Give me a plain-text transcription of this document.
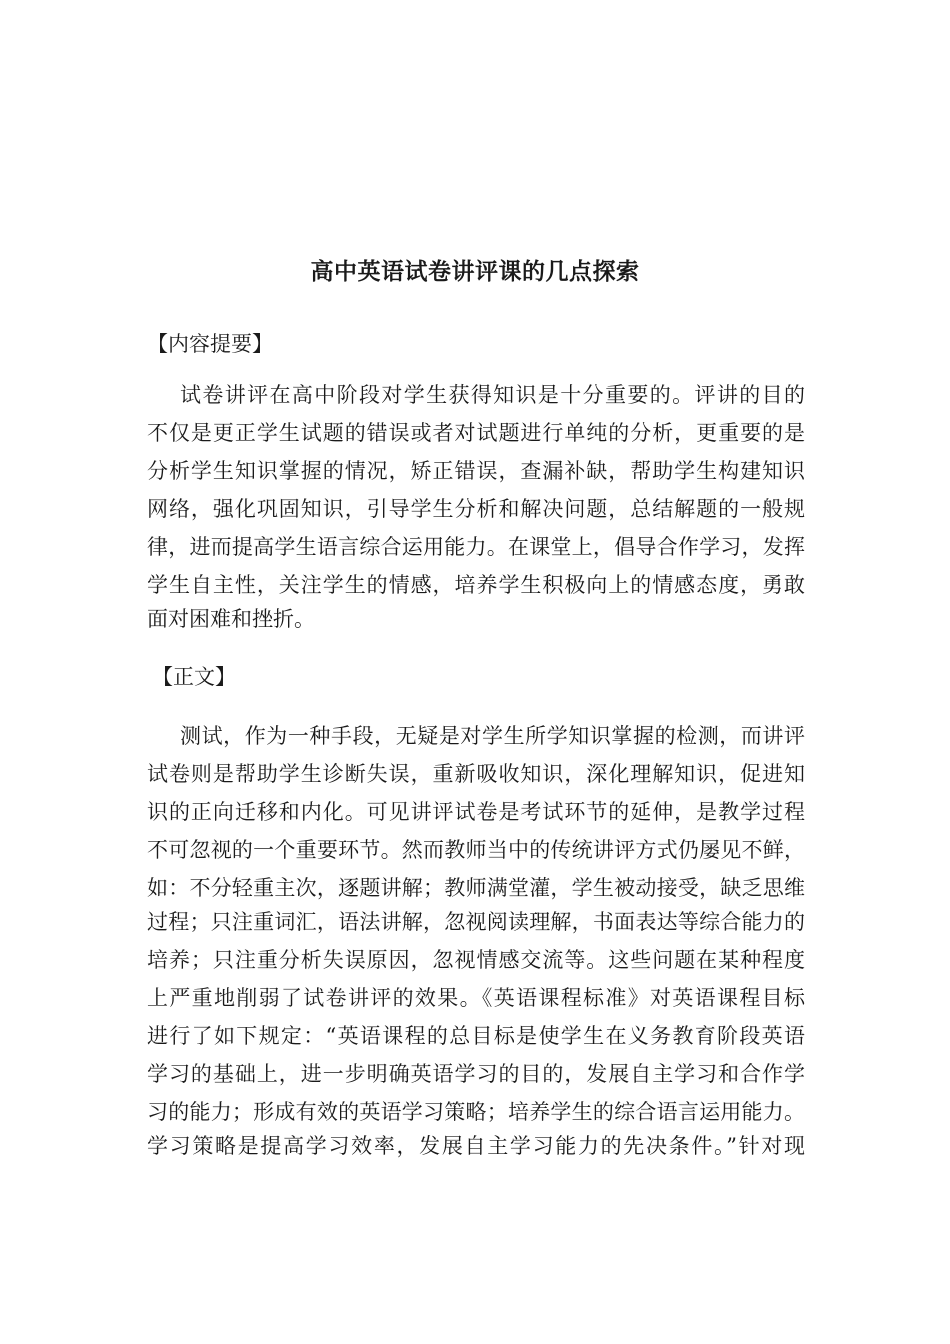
高中英语试卷讲评课的几点探索
【内容提要】
试卷讲评在高中阶段对学生获得知识是十分重要的。评讲的目的
不仅是更正学生试题的错误或者对试题进行单纯的分析，更重要的是
分析学生知识掌握的情况，矫正错误，查漏补缺，帮助学生构建知识
网络，强化巩固知识，引导学生分析和解决问题，总结解题的一般规
律，进而提高学生语言综合运用能力。在课堂上，倡导合作学习，发挥
学生自主性，关注学生的情感，培养学生积极向上的情感态度，勇敢
面对困难和挫折。
【正文】
测试，作为一种手段，无疑是对学生所学知识掌握的检测，而讲评
试卷则是帮助学生诊断失误，重新吸收知识，深化理解知识，促进知
识的正向迁移和内化。可见讲评试卷是考试环节的延伸，是教学过程
不可忽视的一个重要环节。然而教师当中的传统讲评方式仍屡见不鲜，
如：不分轻重主次，逐题讲解；教师满堂灌，学生被动接受，缺乏思维
过程；只注重词汇，语法讲解，忽视阅读理解，书面表达等综合能力的
培养；只注重分析失误原因，忽视情感交流等。这些问题在某种程度
上严重地削弱了试卷讲评的效果。《英语课程标准》对英语课程目标
进行了如下规定：“英语课程的总目标是使学生在义务教育阶段英语
学习的基础上，进一步明确英语学习的目的，发展自主学习和合作学
习的能力；形成有效的英语学习策略；培养学生的综合语言运用能力。
学习策略是提高学习效率，发展自主学习能力的先决条件。”针对现
